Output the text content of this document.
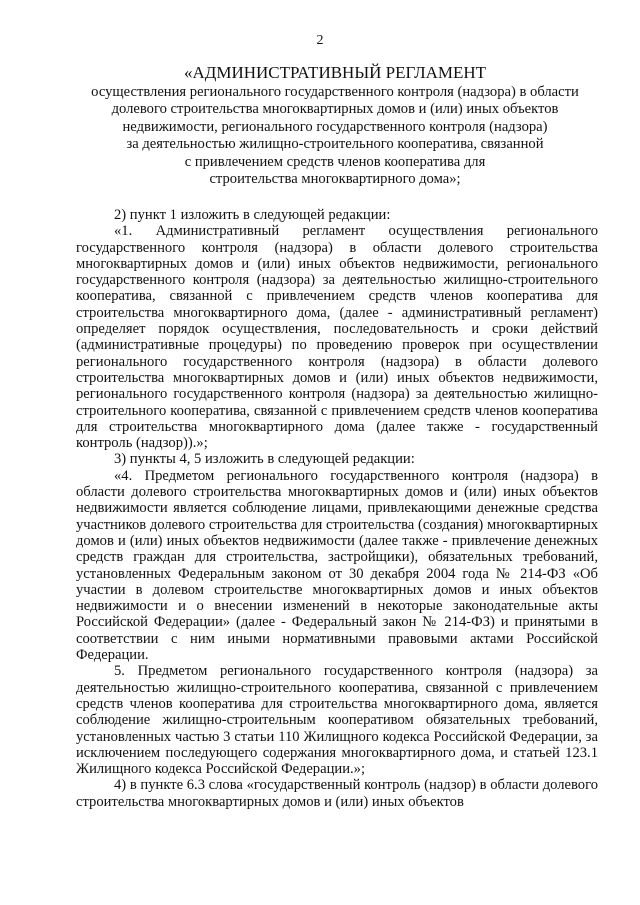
2

«АДМИНИСТРАТИВНЫЙ РЕГЛАМЕНТ

осуществления регионального государственного контроля (надзора) в области

долевого строительства многоквартирных домов и (или) иных объектов

недвижимости, регионального государственного контроля (надзора)

за деятельностью жилищно-строительного кооператива, связанной

с привлечением средств членов кооператива для

строительства многоквартирного дома»;

2) пункт 1 изложить в следующей редакции:

«1. Административный регламент осуществления регионального государственного контроля (надзора) в области долевого строительства многоквартирных домов и (или) иных объектов недвижимости, регионального государственного контроля (надзора) за деятельностью жилищно-строительного кооператива, связанной с привлечением средств членов кооператива для строительства многоквартирного дома, (далее - административный регламент) определяет порядок осуществления, последовательность и сроки действий (административные процедуры) по проведению проверок при осуществлении регионального государственного контроля (надзора) в области долевого строительства многоквартирных домов и (или) иных объектов недвижимости, регионального государственного контроля (надзора) за деятельностью жилищно-строительного кооператива, связанной с привлечением средств членов кооператива для строительства многоквартирного дома (далее также - государственный контроль (надзор)).»;

3) пункты 4, 5 изложить в следующей редакции:

«4. Предметом регионального государственного контроля (надзора) в области долевого строительства многоквартирных домов и (или) иных объектов недвижимости является соблюдение лицами, привлекающими денежные средства участников долевого строительства для строительства (создания) многоквартирных домов и (или) иных объектов недвижимости (далее также - привлечение денежных средств граждан для строительства, застройщики), обязательных требований, установленных Федеральным законом от 30 декабря 2004 года № 214-ФЗ «Об участии в долевом строительстве многоквартирных домов и иных объектов недвижимости и о внесении изменений в некоторые законодательные акты Российской Федерации» (далее - Федеральный закон № 214-ФЗ) и принятыми в соответствии с ним иными нормативными правовыми актами Российской Федерации.

5. Предметом регионального государственного контроля (надзора) за деятельностью жилищно-строительного кооператива, связанной с привлечением средств членов кооператива для строительства многоквартирного дома, является соблюдение жилищно-строительным кооперативом обязательных требований, установленных частью 3 статьи 110 Жилищного кодекса Российской Федерации, за исключением последующего содержания многоквартирного дома, и статьей 123.1 Жилищного кодекса Российской Федерации.»;

4) в пункте 6.3 слова «государственный контроль (надзор) в области долевого строительства многоквартирных домов и (или) иных объектов
